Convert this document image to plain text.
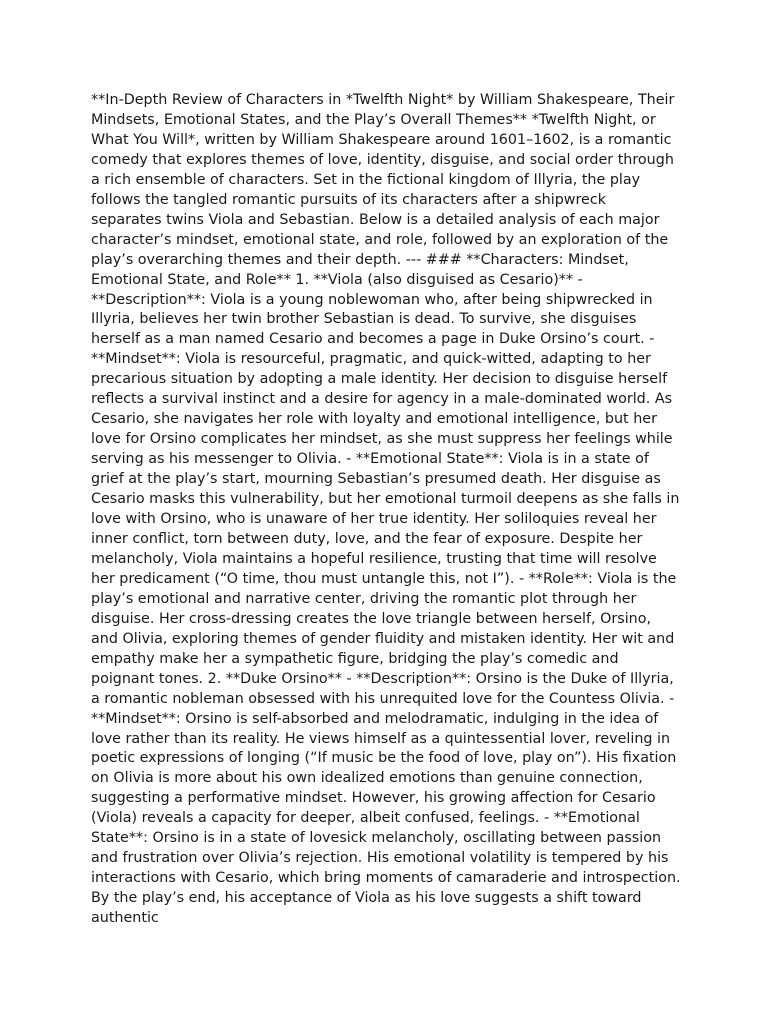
**In-Depth Review of Characters in *Twelfth Night* by William Shakespeare, Their Mindsets, Emotional States, and the Play’s Overall Themes** *Twelfth Night, or What You Will*, written by William Shakespeare around 1601–1602, is a romantic comedy that explores themes of love, identity, disguise, and social order through a rich ensemble of characters. Set in the fictional kingdom of Illyria, the play follows the tangled romantic pursuits of its characters after a shipwreck separates twins Viola and Sebastian. Below is a detailed analysis of each major character’s mindset, emotional state, and role, followed by an exploration of the play’s overarching themes and their depth. --- ### **Characters: Mindset, Emotional State, and Role** 1. **Viola (also disguised as Cesario)** - **Description**: Viola is a young noblewoman who, after being shipwrecked in Illyria, believes her twin brother Sebastian is dead. To survive, she disguises herself as a man named Cesario and becomes a page in Duke Orsino’s court. - **Mindset**: Viola is resourceful, pragmatic, and quick-witted, adapting to her precarious situation by adopting a male identity. Her decision to disguise herself reflects a survival instinct and a desire for agency in a male-dominated world. As Cesario, she navigates her role with loyalty and emotional intelligence, but her love for Orsino complicates her mindset, as she must suppress her feelings while serving as his messenger to Olivia. - **Emotional State**: Viola is in a state of grief at the play’s start, mourning Sebastian’s presumed death. Her disguise as Cesario masks this vulnerability, but her emotional turmoil deepens as she falls in love with Orsino, who is unaware of her true identity. Her soliloquies reveal her inner conflict, torn between duty, love, and the fear of exposure. Despite her melancholy, Viola maintains a hopeful resilience, trusting that time will resolve her predicament (“O time, thou must untangle this, not I”). - **Role**: Viola is the play’s emotional and narrative center, driving the romantic plot through her disguise. Her cross-dressing creates the love triangle between herself, Orsino, and Olivia, exploring themes of gender fluidity and mistaken identity. Her wit and empathy make her a sympathetic figure, bridging the play’s comedic and poignant tones. 2. **Duke Orsino** - **Description**: Orsino is the Duke of Illyria, a romantic nobleman obsessed with his unrequited love for the Countess Olivia. - **Mindset**: Orsino is self-absorbed and melodramatic, indulging in the idea of love rather than its reality. He views himself as a quintessential lover, reveling in poetic expressions of longing (“If music be the food of love, play on”). His fixation on Olivia is more about his own idealized emotions than genuine connection, suggesting a performative mindset. However, his growing affection for Cesario (Viola) reveals a capacity for deeper, albeit confused, feelings. - **Emotional State**: Orsino is in a state of lovesick melancholy, oscillating between passion and frustration over Olivia’s rejection. His emotional volatility is tempered by his interactions with Cesario, which bring moments of camaraderie and introspection. By the play’s end, his acceptance of Viola as his love suggests a shift toward authentic
